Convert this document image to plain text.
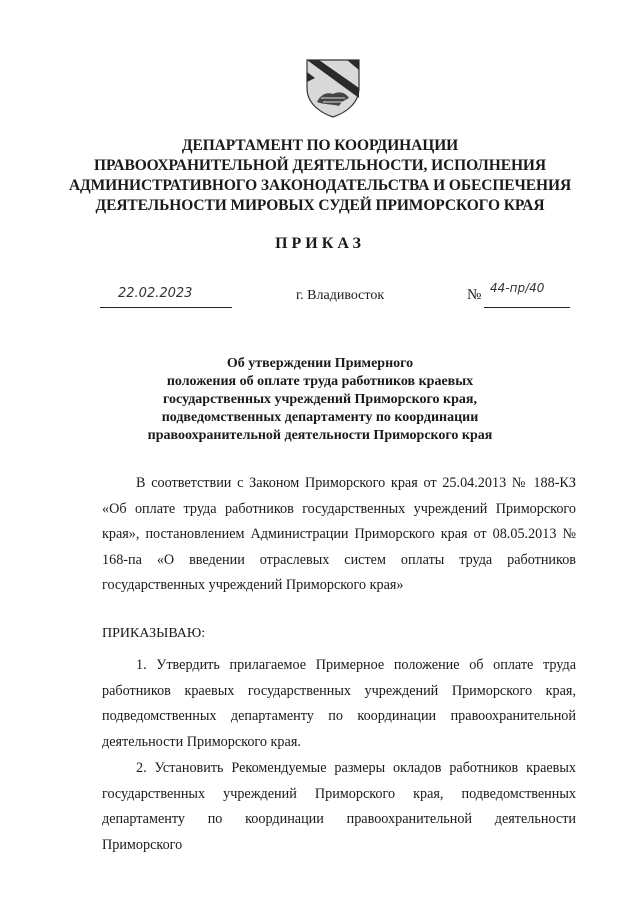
ДЕПАРТАМЕНТ ПО КООРДИНАЦИИ
ПРАВООХРАНИТЕЛЬНОЙ ДЕЯТЕЛЬНОСТИ, ИСПОЛНЕНИЯ
АДМИНИСТРАТИВНОГО ЗАКОНОДАТЕЛЬСТВА И ОБЕСПЕЧЕНИЯ
ДЕЯТЕЛЬНОСТИ МИРОВЫХ СУДЕЙ ПРИМОРСКОГО КРАЯ
ПРИКАЗ
22.02.2023	г. Владивосток	№ 44-пр/40
Об утверждении Примерного
положения об оплате труда работников краевых
государственных учреждений Приморского края,
подведомственных департаменту по координации
правоохранительной деятельности Приморского края
В соответствии с Законом Приморского края от 25.04.2013 № 188-КЗ «Об оплате труда работников государственных учреждений Приморского края», постановлением Администрации Приморского края от 08.05.2013 № 168-па «О введении отраслевых систем оплаты труда работников государственных учреждений Приморского края»
ПРИКАЗЫВАЮ:
1. Утвердить прилагаемое Примерное положение об оплате труда работников краевых государственных учреждений Приморского края, подведомственных департаменту по координации правоохранительной деятельности Приморского края.
2. Установить Рекомендуемые размеры окладов работников краевых государственных учреждений Приморского края, подведомственных департаменту по координации правоохранительной деятельности Приморского
